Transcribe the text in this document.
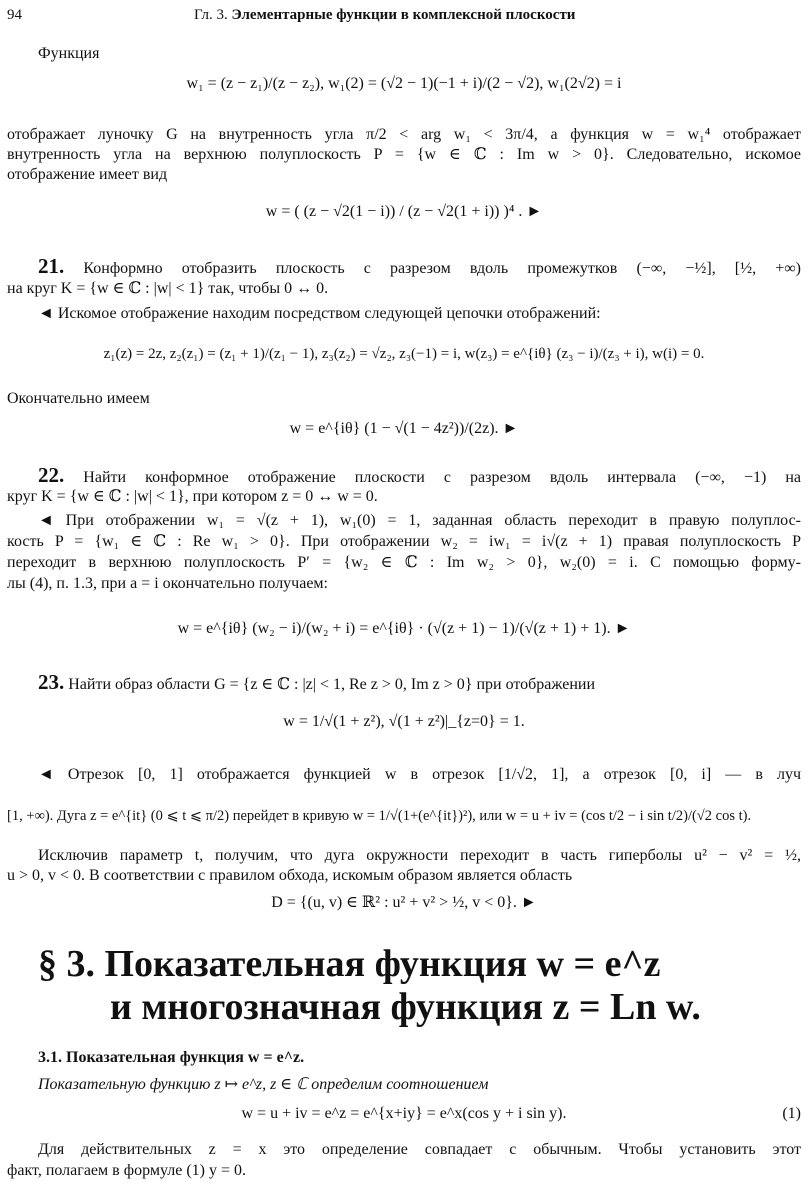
94	Гл. 3. Элементарные функции в комплексной плоскости
Функция
w₁ = (z − z₁)/(z − z₂), w₁(2) = (√2 − 1)(−1 + i)/(2 − √2), w₁(2√2) = i
отображает луночку G на внутренность угла π/2 < arg w₁ < 3π/4, а функция w = w₁⁴ отображает
внутренность угла на верхнюю полуплоскость P = {w ∈ ℂ : Im w > 0}. Следовательно, искомое
отображение имеет вид
w = ( (z − √2(1 − i)) / (z − √2(1 + i)) )⁴ . ►
21. Конформно отобразить плоскость с разрезом вдоль промежутков (−∞, −½], [½, +∞)
на круг K = {w ∈ ℂ : |w| < 1} так, чтобы 0 ↔ 0.
◄ Искомое отображение находим посредством следующей цепочки отображений:
z₁(z) = 2z, z₂(z₁) = (z₁ + 1)/(z₁ − 1), z₃(z₂) = √z₂, z₃(−1) = i, w(z₃) = e^{iθ} (z₃ − i)/(z₃ + i), w(i) = 0.
Окончательно имеем
w = e^{iθ} (1 − √(1 − 4z²))/(2z). ►
22. Найти конформное отображение плоскости с разрезом вдоль интервала (−∞, −1) на
круг K = {w ∈ ℂ : |w| < 1}, при котором z = 0 ↔ w = 0.
◄ При отображении w₁ = √(z + 1), w₁(0) = 1, заданная область переходит в правую полуплос-
кость P = {w₁ ∈ ℂ : Re w₁ > 0}. При отображении w₂ = iw₁ = i√(z + 1) правая полуплоскость P
переходит в верхнюю полуплоскость P′ = {w₂ ∈ ℂ : Im w₂ > 0}, w₂(0) = i. С помощью форму-
лы (4), п. 1.3, при a = i окончательно получаем:
w = e^{iθ} (w₂ − i)/(w₂ + i) = e^{iθ} · (√(z + 1) − 1)/(√(z + 1) + 1). ►
23. Найти образ области G = {z ∈ ℂ : |z| < 1, Re z > 0, Im z > 0} при отображении
w = 1/√(1 + z²), √(1 + z²)|_{z=0} = 1.
◄ Отрезок [0, 1] отображается функцией w в отрезок [1/√2, 1], а отрезок [0, i] — в луч
[1, +∞). Дуга z = e^{it} (0 ⩽ t ⩽ π/2) перейдет в кривую w = 1/√(1+(e^{it})²), или w = u + iv = (cos t/2 − i sin t/2)/(√2 cos t).
Исключив параметр t, получим, что дуга окружности переходит в часть гиперболы u² − v² = ½,
u > 0, v < 0. В соответствии с правилом обхода, искомым образом является область
D = {(u, v) ∈ ℝ² : u² + v² > ½, v < 0}. ►
§ 3. Показательная функция w = e^z
и многозначная функция z = Ln w.
3.1. Показательная функция w = e^z.
Показательную функцию z ↦ e^z, z ∈ ℂ определим соотношением
w = u + iv = e^z = e^{x+iy} = e^x(cos y + i sin y).	(1)
Для действительных z = x это определение совпадает с обычным. Чтобы установить этот
факт, полагаем в формуле (1) y = 0.
